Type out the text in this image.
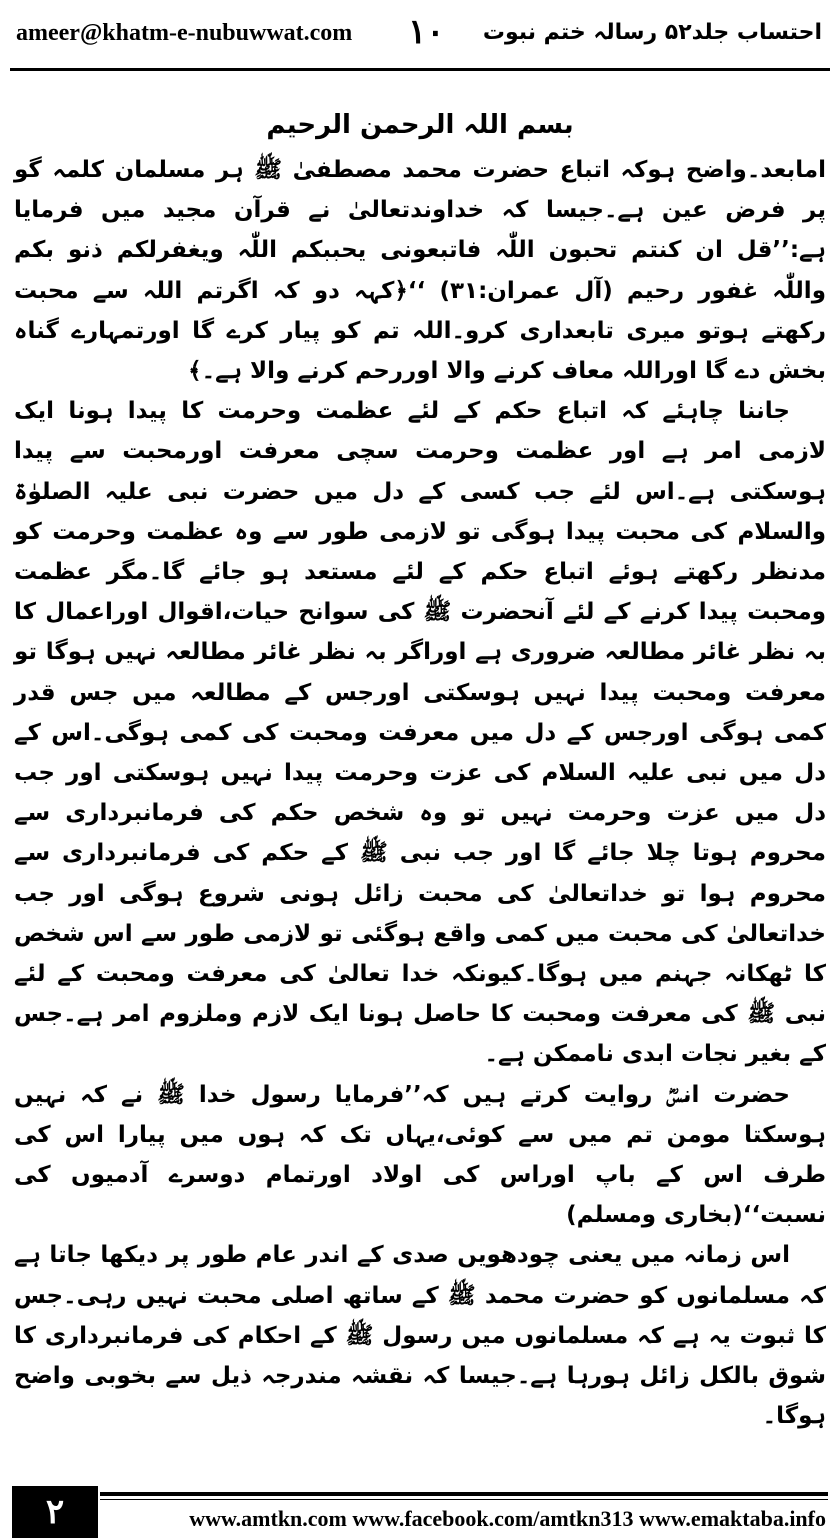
ameer@khatm-e-nubuwwat.com ۱۰ احتساب جلد۵۲ رسالہ ختم نبوت
بسم اللہ الرحمن الرحیم

امابعد۔واضح ہوکہ اتباع حضرت محمد مصطفیٰ ﷺ ہر مسلمان کلمہ گو پر فرض عین ہے۔جیسا کہ خداوندتعالیٰ نے قرآن مجید میں فرمایا ہے:’’قل ان کنتم تحبون اللّٰہ فاتبعونی یحببکم اللّٰہ ویغفرلکم ذنو بکم واللّٰہ غفور رحیم (آل عمران:۳۱) ‘‘﴿کہہ دو کہ اگرتم اللہ سے محبت رکھتے ہوتو میری تابعداری کرو۔اللہ تم کو پیار کرے گا اورتمہارے گناہ بخش دے گا اوراللہ معاف کرنے والا اوررحم کرنے والا ہے۔﴾

جاننا چاہئے کہ اتباع حکم کے لئے عظمت وحرمت کا پیدا ہونا ایک لازمی امر ہے اور عظمت وحرمت سچی معرفت اورمحبت سے پیدا ہوسکتی ہے۔اس لئے جب کسی کے دل میں حضرت نبی علیہ الصلوٰۃ والسلام کی محبت پیدا ہوگی تو لازمی طور سے وہ عظمت وحرمت کو مدنظر رکھتے ہوئے اتباع حکم کے لئے مستعد ہو جائے گا۔مگر عظمت ومحبت پیدا کرنے کے لئے آنحضرت ﷺ کی سوانح حیات،اقوال اوراعمال کا بہ نظر غائر مطالعہ ضروری ہے اوراگر بہ نظر غائر مطالعہ نہیں ہوگا تو معرفت ومحبت پیدا نہیں ہوسکتی اورجس کے مطالعہ میں جس قدر کمی ہوگی اورجس کے دل میں معرفت ومحبت کی کمی ہوگی۔اس کے دل میں نبی علیہ السلام کی عزت وحرمت پیدا نہیں ہوسکتی اور جب دل میں عزت وحرمت نہیں تو وہ شخص حکم کی فرمانبرداری سے محروم ہوتا چلا جائے گا اور جب نبی ﷺ کے حکم کی فرمانبرداری سے محروم ہوا تو خداتعالیٰ کی محبت زائل ہونی شروع ہوگی اور جب خداتعالیٰ کی محبت میں کمی واقع ہوگئی تو لازمی طور سے اس شخص کا ٹھکانہ جہنم میں ہوگا۔کیونکہ خدا تعالیٰ کی معرفت ومحبت کے لئے نبی ﷺ کی معرفت ومحبت کا حاصل ہونا ایک لازم وملزوم امر ہے۔جس کے بغیر نجات ابدی ناممکن ہے۔

حضرت انسؓ روایت کرتے ہیں کہ’’فرمایا رسول خدا ﷺ نے کہ نہیں ہوسکتا مومن تم میں سے کوئی،یہاں تک کہ ہوں میں پیارا اس کی طرف اس کے باپ اوراس کی اولاد اورتمام دوسرے آدمیوں کی نسبت‘‘(بخاری ومسلم)

اس زمانہ میں یعنی چودھویں صدی کے اندر عام طور پر دیکھا جاتا ہے کہ مسلمانوں کو حضرت محمد ﷺ کے ساتھ اصلی محبت نہیں رہی۔جس کا ثبوت یہ ہے کہ مسلمانوں میں رسول ﷺ کے احکام کی فرمانبرداری کا شوق بالکل زائل ہورہا ہے۔جیسا کہ نقشہ مندرجہ ذیل سے بخوبی واضح ہوگا۔

۲	www.amtkn.com www.facebook.com/amtkn313 www.emaktaba.info
